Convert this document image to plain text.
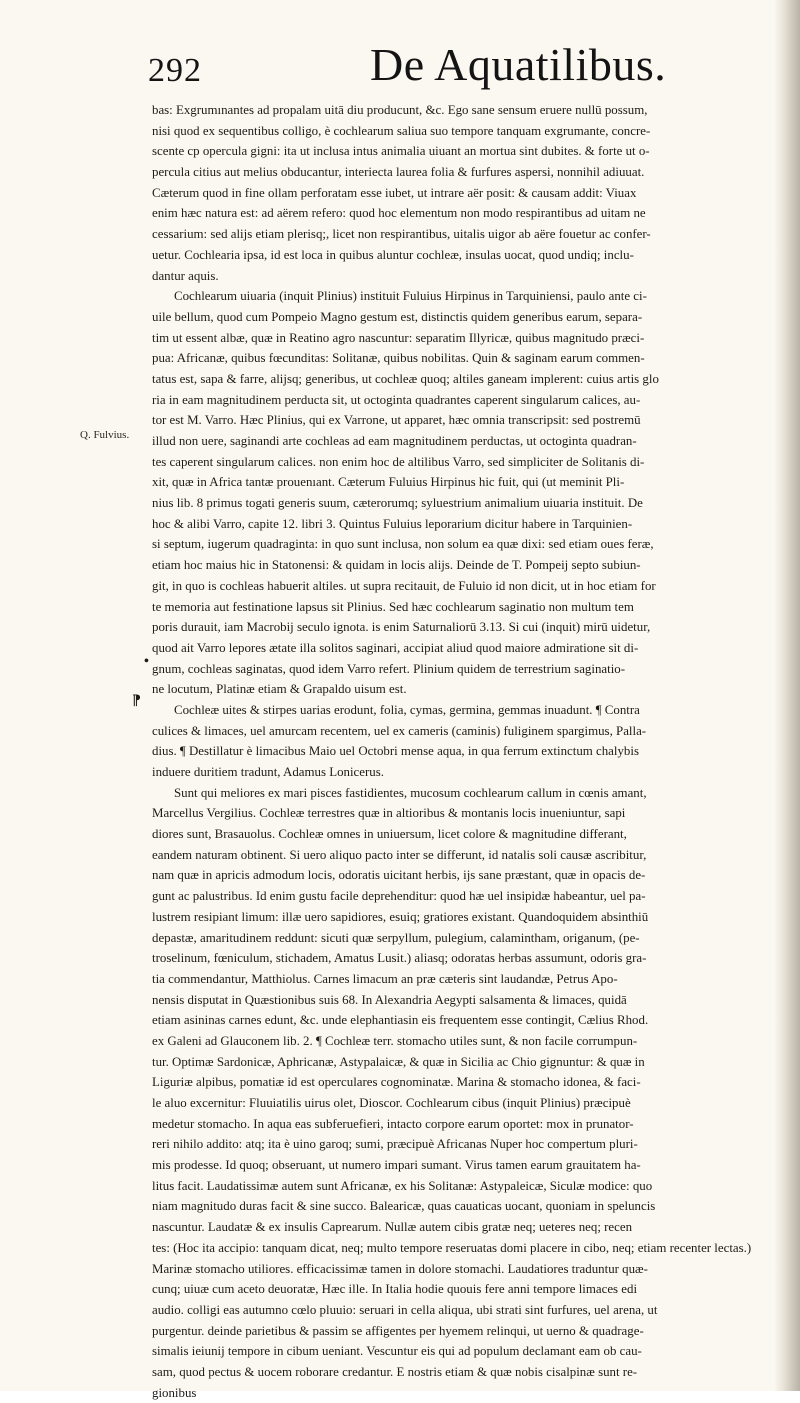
292	De Aquatilibus.
bas: Exgrumınantes ad propalam uitā diu producunt, &c. Ego sane sensum eruere nullū possum,
nisi quod ex sequentibus colligo, è cochlearum saliua suo tempore tanquam exgrumante, concre-
scente cp opercula gigni: ita ut inclusa intus animalia uiuant an mortua sint dubites. & forte ut o-
percula citius aut melius obducantur, interiecta laurea folia & furfures aspersi, nonnihil adiuuat.
Cæterum quod in fine ollam perforatam esse iubet, ut intrare aër posit: & causam addit: Viuax
enim hæc natura est: ad aërem refero: quod hoc elementum non modo respirantibus ad uitam ne
cessarium: sed alijs etiam plerisq;, licet non respirantibus, uitalis uigor ab aëre fouetur ac confer-
uetur. Cochlearia ipsa, id est loca in quibus aluntur cochleæ, insulas uocat, quod undiq; inclu-
dantur aquis.
Cochlearum uiuaria (inquit Plinius) instituit Fuluius Hirpinus in Tarquiniensi, paulo ante ci-
uile bellum, quod cum Pompeio Magno gestum est, distinctis quidem generibus earum, separa-
tim ut essent albæ, quæ in Reatino agro nascuntur: separatim Illyricæ, quibus magnitudo præci-
pua: Africanæ, quibus fœcunditas: Solitanæ, quibus nobilitas. Quin & saginam earum commen-
tatus est, sapa & farre, alijsq; generibus, ut cochleæ quoq; altiles ganeam implerent: cuius artis glo
ria in eam magnitudinem perducta sit, ut octoginta quadrantes caperent singularum calices, au-
tor est M. Varro. Hæc Plinius, qui ex Varrone, ut apparet, hæc omnia transcripsit: sed postremū
illud non uere, saginandi arte cochleas ad eam magnitudinem perductas, ut octoginta quadran-
tes caperent singularum calices. non enim hoc de altilibus Varro, sed simpliciter de Solitanis di-
xit, quæ in Africa tantæ prouenıant. Cæterum Fuluius Hirpinus hic fuit, qui (ut meminit Pli-
nius lib. 8 primus togati generis suum, cæterorumq; syluestrium animalium uiuaria instituit. De
hoc & alibi Varro, capite 12. libri 3. Quintus Fuluius leporarium dicitur habere in Tarquinien-
si septum, iugerum quadraginta: in quo sunt inclusa, non solum ea quæ dixi: sed etiam oues feræ,
etiam hoc maius hic in Statonensi: & quidam in locis alijs. Deinde de T. Pompeij septo subiun-
git, in quo is cochleas habuerit altiles. ut supra recitauit, de Fuluio id non dicit, ut in hoc etiam for
te memoria aut festinatione lapsus sit Plinius. Sed hæc cochlearum saginatio non multum tem
poris durauit, iam Macrobij seculo ignota. is enim Saturnaliorū 3.13. Si cui (inquit) mirū uidetur,
quod ait Varro lepores ætate illa solitos saginari, accipiat aliud quod maiore admiratione sit di-
gnum, cochleas saginatas, quod idem Varro refert. Plinium quidem de terrestrium saginatio-
ne locutum, Platinæ etiam & Grapaldo uisum est.
Cochleæ uites & stirpes uarias erodunt, folia, cymas, germina, gemmas inuadunt. ¶ Contra
culices & limaces, uel amurcam recentem, uel ex cameris (caminis) fuliginem spargimus, Palla-
dius. ¶ Destillatur è limacibus Maio uel Octobri mense aqua, in qua ferrum extinctum chalybis
induere duritiem tradunt, Adamus Lonicerus.
Sunt qui meliores ex mari pisces fastidientes, mucosum cochlearum callum in cœnis amant,
Marcellus Vergilius. Cochleæ terrestres quæ in altioribus & montanis locis inueniuntur, sapi
diores sunt, Brasauolus. Cochleæ omnes in uniuersum, licet colore & magnitudine differant,
eandem naturam obtinent. Si uero aliquo pacto inter se differunt, id natalis soli causæ ascribitur,
nam quæ in apricis admodum locis, odoratis uicitant herbis, ijs sane præstant, quæ in opacis de-
gunt ac palustribus. Id enim gustu facile deprehenditur: quod hæ uel insipidæ habeantur, uel pa-
lustrem resipiant limum: illæ uero sapidiores, esuiq; gratiores existant. Quandoquidem absinthiū
depastæ, amaritudinem reddunt: sicuti quæ serpyllum, pulegium, calamintham, origanum, (pe-
troselinum, fœniculum, stichadem, Amatus Lusit.) aliasq; odoratas herbas assumunt, odoris gra-
tia commendantur, Matthiolus. Carnes limacum an præ cæteris sint laudandæ, Petrus Apo-
nensis disputat in Quæstionibus suis 68. In Alexandria Aegypti salsamenta & limaces, quidā
etiam asininas carnes edunt, &c. unde elephantiasin eis frequentem esse contingit, Cælius Rhod.
ex Galeni ad Glauconem lib. 2. ¶ Cochleæ terr. stomacho utiles sunt, & non facile corrumpun-
tur. Optimæ Sardonicæ, Aphricanæ, Astypalaicæ, & quæ in Sicilia ac Chio gignuntur: & quæ in
Liguriæ alpibus, pomatiæ id est operculares cognominatæ. Marina & stomacho idonea, & faci-
le aluo excernitur: Fluuiatilis uirus olet, Dioscor. Cochlearum cibus (inquit Plinius) præcipuè
medetur stomacho. In aqua eas subferuefieri, intacto corpore earum oportet: mox in prunator-
reri nihilo addito: atq; ita è uino garoq; sumi, præcipuè Africanas Nuper hoc compertum pluri-
mis prodesse. Id quoq; obseruant, ut numero impari sumant. Virus tamen earum grauitatem ha-
litus facit. Laudatissimæ autem sunt Africanæ, ex his Solitanæ: Astypaleicæ, Siculæ modice: quo
niam magnitudo duras facit & sine succo. Balearicæ, quas cauaticas uocant, quoniam in speluncis
nascuntur. Laudatæ & ex insulis Caprearum. Nullæ autem cibis gratæ neq; ueteres neq; recen
tes: (Hoc ita accipio: tanquam dicat, neq; multo tempore reseruatas domi placere in cibo, neq; etiam recenter lectas.)
Marinæ stomacho utiliores. efficacissimæ tamen in dolore stomachi. Laudatiores traduntur quæ-
cunq; uiuæ cum aceto deuoratæ, Hæc ille. In Italia hodie quouis fere anni tempore limaces edi
audio. colligi eas autumno cœlo pluuio: seruari in cella aliqua, ubi strati sint furfures, uel arena, ut
purgentur. deinde parietibus & passim se affigentes per hyemem relinqui, ut uerno & quadrage-
simalis ieiunij tempore in cibum ueniant. Vescuntur eis qui ad populum declamant eam ob cau-
sam, quod pectus & uocem roborare credantur. E nostris etiam & quæ nobis cisalpinæ sunt re-
gionibus
Q. Fulvius.
•
⁋
